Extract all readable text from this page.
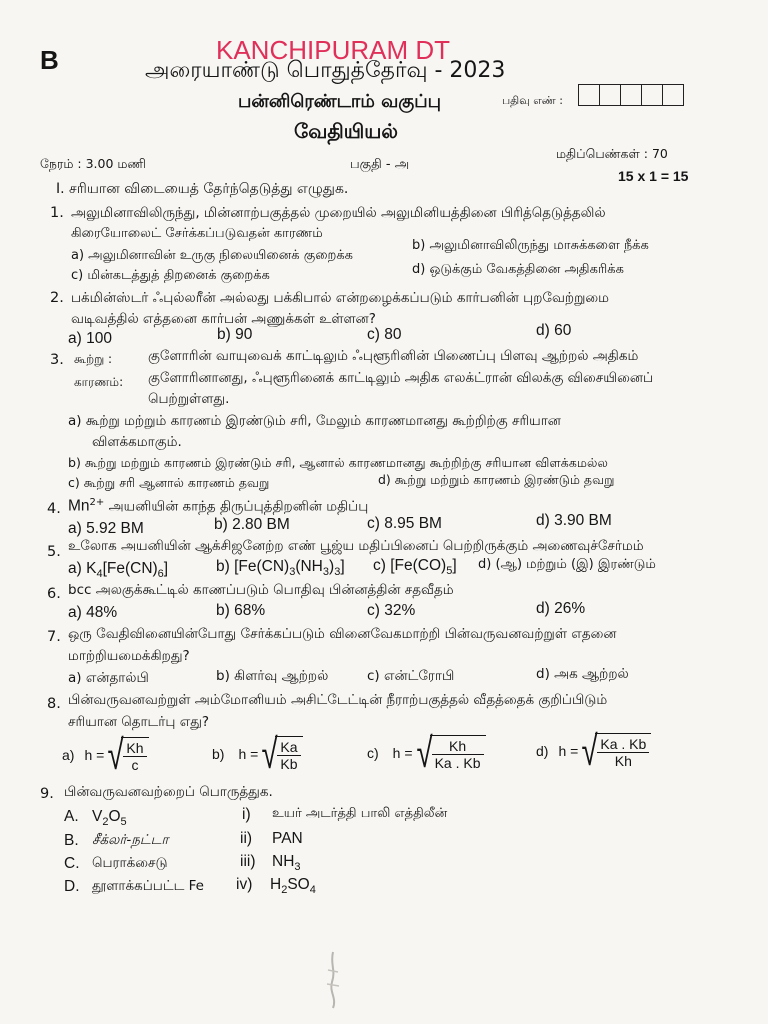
B	KANCHIPURAM DT
அரையாண்டு பொதுத்தேர்வு - 2023
பன்னிரெண்டாம் வகுப்பு	பதிவு எண் :
வேதியியல்
நேரம் : 3.00 மணி	பகுதி - அ
மதிப்பெண்கள் : 70
15 x 1 = 15
I. சரியான விடையைத் தேர்ந்தெடுத்து எழுதுக.
1. அலுமினாவிலிருந்து, மின்னாற்பகுத்தல் முறையில் அலுமினியத்தினை பிரித்தெடுத்தலில்
கிரையோலைட் சேர்க்கப்படுவதன் காரணம்
a) அலுமினாவின் உருகு நிலையினைக் குறைக்க
b) அலுமினாவிலிருந்து மாசுக்களை நீக்க
c) மின்கடத்துத் திறனைக் குறைக்க	d) ஒடுக்கும் வேகத்தினை அதிகரிக்க
2. பக்மின்ஸ்டர் ஃபுல்லரீன் அல்லது பக்கிபால் என்றழைக்கப்படும் கார்பனின் புறவேற்றுமை
வடிவத்தில் எத்தனை கார்பன் அணுக்கள் உள்ளன?
a) 100	b) 90	c) 80	d) 60
3. கூற்று :	குளோரின் வாயுவைக் காட்டிலும் ஃபுளூரினின் பிணைப்பு பிளவு ஆற்றல் அதிகம்
காரணம்: குளோரினானது, ஃபுளூரினைக் காட்டிலும் அதிக எலக்ட்ரான் விலக்கு விசையினைப்
பெற்றுள்ளது.
a) கூற்று மற்றும் காரணம் இரண்டும் சரி, மேலும் காரணமானது கூற்றிற்கு சரியான
விளக்கமாகும்.
b) கூற்று மற்றும் காரணம் இரண்டும் சரி, ஆனால் காரணமானது கூற்றிற்கு சரியான விளக்கமல்ல
c) கூற்று சரி ஆனால் காரணம் தவறு	d) கூற்று மற்றும் காரணம் இரண்டும் தவறு
4. $Mn^{2+}$ அயனியின் காந்த திருப்புத்திறனின் மதிப்பு
a) 5.92 BM	b) 2.80 BM	c) 8.95 BM	d) 3.90 BM
5. உலோக அயனியின் ஆக்சிஜனேற்ற எண் பூஜ்ய மதிப்பினைப் பெற்றிருக்கும் அணைவுச்சேர்மம்
a) $K_4[Fe(CN)_6]$	b) $[Fe(CN)_3(NH_3)_3]$ c) $[Fe(CO)_5]$ d) (ஆ) மற்றும் (இ) இரண்டும்
6. bcc அலகுக்கூட்டில் காணப்படும் பொதிவு பின்னத்தின் சதவீதம்
a) 48%	b) 68%	c) 32%	d) 26%
7. ஒரு வேதிவினையின்போது சேர்க்கப்படும் வினைவேகமாற்றி பின்வருவனவற்றுள் எதனை
மாற்றியமைக்கிறது?
a) என்தால்பி	b) கிளர்வு ஆற்றல்	c) என்ட்ரோபி	d) அக ஆற்றல்
8. பின்வருவனவற்றுள் அம்மோனியம் அசிட்டேட்டின் நீராற்பகுத்தல் வீதத்தைக் குறிப்பிடும்
சரியான தொடர்பு எது?
a) h = √ $\frac{Kh}{c}$	b) h = √ $\frac{Ka}{Kb}$	c) h = √ $\frac{Kh}{Ka . Kb}$	d) h = √ $\frac{Ka . Kb}{Kh}$
9. பின்வருவனவற்றைப் பொருத்துக.
A. $V_2O_5$	i) உயர் அடர்த்தி பாலி எத்திலீன்
B. சீக்லர்-நட்டா	ii) PAN
C. பெராக்சைடு	iii) $NH_3$
D. தூளாக்கப்பட்ட Fe iv) $H_2SO_4$
